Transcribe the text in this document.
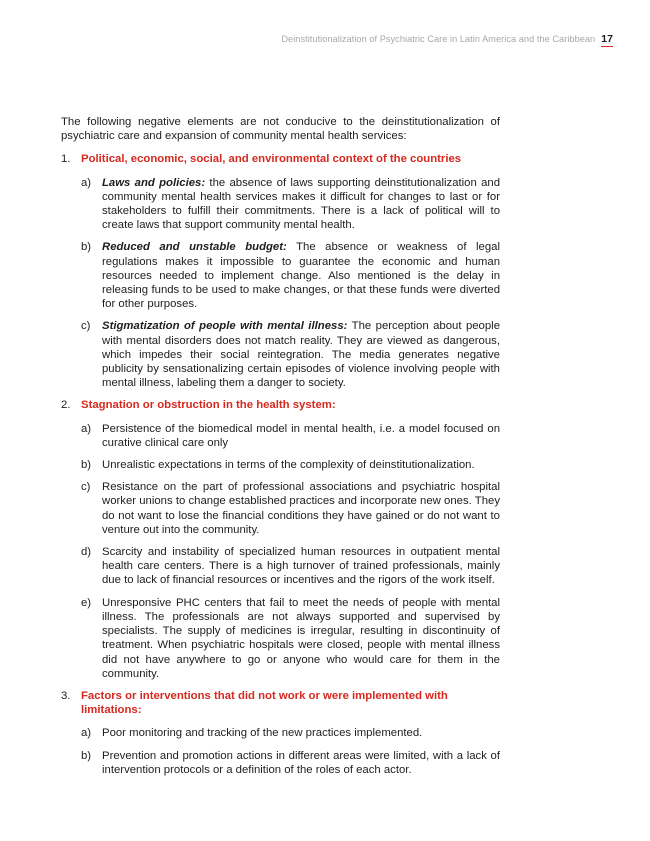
Deinstitutionalization of Psychiatric Care in Latin America and the Caribbean 17

The following negative elements are not conducive to the deinstitutionalization of psychiatric care and expansion of community mental health services:

1. Political, economic, social, and environmental context of the countries
a) Laws and policies: the absence of laws supporting deinstitutionalization and community mental health services makes it difficult for changes to last or for stakeholders to fulfill their commitments. There is a lack of political will to create laws that support community mental health.
b) Reduced and unstable budget: The absence or weakness of legal regulations makes it impossible to guarantee the economic and human resources needed to implement change. Also mentioned is the delay in releasing funds to be used to make changes, or that these funds were diverted for other purposes.
c)	Stigmatization of people with mental illness: The perception about people with mental disorders does not match reality. They are viewed as dangerous, which impedes their social reintegration. The media generates negative publicity by sensationalizing certain episodes of violence involving people with mental illness, labeling them a danger to society.
2. Stagnation or obstruction in the health system:
a) Persistence of the biomedical model in mental health, i.e. a model focused on curative clinical care only
b) Unrealistic expectations in terms of the complexity of deinstitutionalization.
c)	Resistance on the part of professional associations and psychiatric hospital worker unions to change established practices and incorporate new ones. They do not want to lose the financial conditions they have gained or do not want to venture out into the community.
d) Scarcity and instability of specialized human resources in outpatient mental health care centers. There is a high turnover of trained professionals, mainly due to lack of financial resources or incentives and the rigors of the work itself.
e) Unresponsive PHC centers that fail to meet the needs of people with mental illness. The professionals are not always supported and supervised by specialists. The supply of medicines is irregular, resulting in discontinuity of treatment. When psychiatric hospitals were closed, people with mental illness did not have anywhere to go or anyone who would care for them in the community.
3. Factors or interventions that did not work or were implemented with limitations:
a) Poor monitoring and tracking of the new practices implemented.
b) Prevention and promotion actions in different areas were limited, with a lack of intervention protocols or a definition of the roles of each actor.
